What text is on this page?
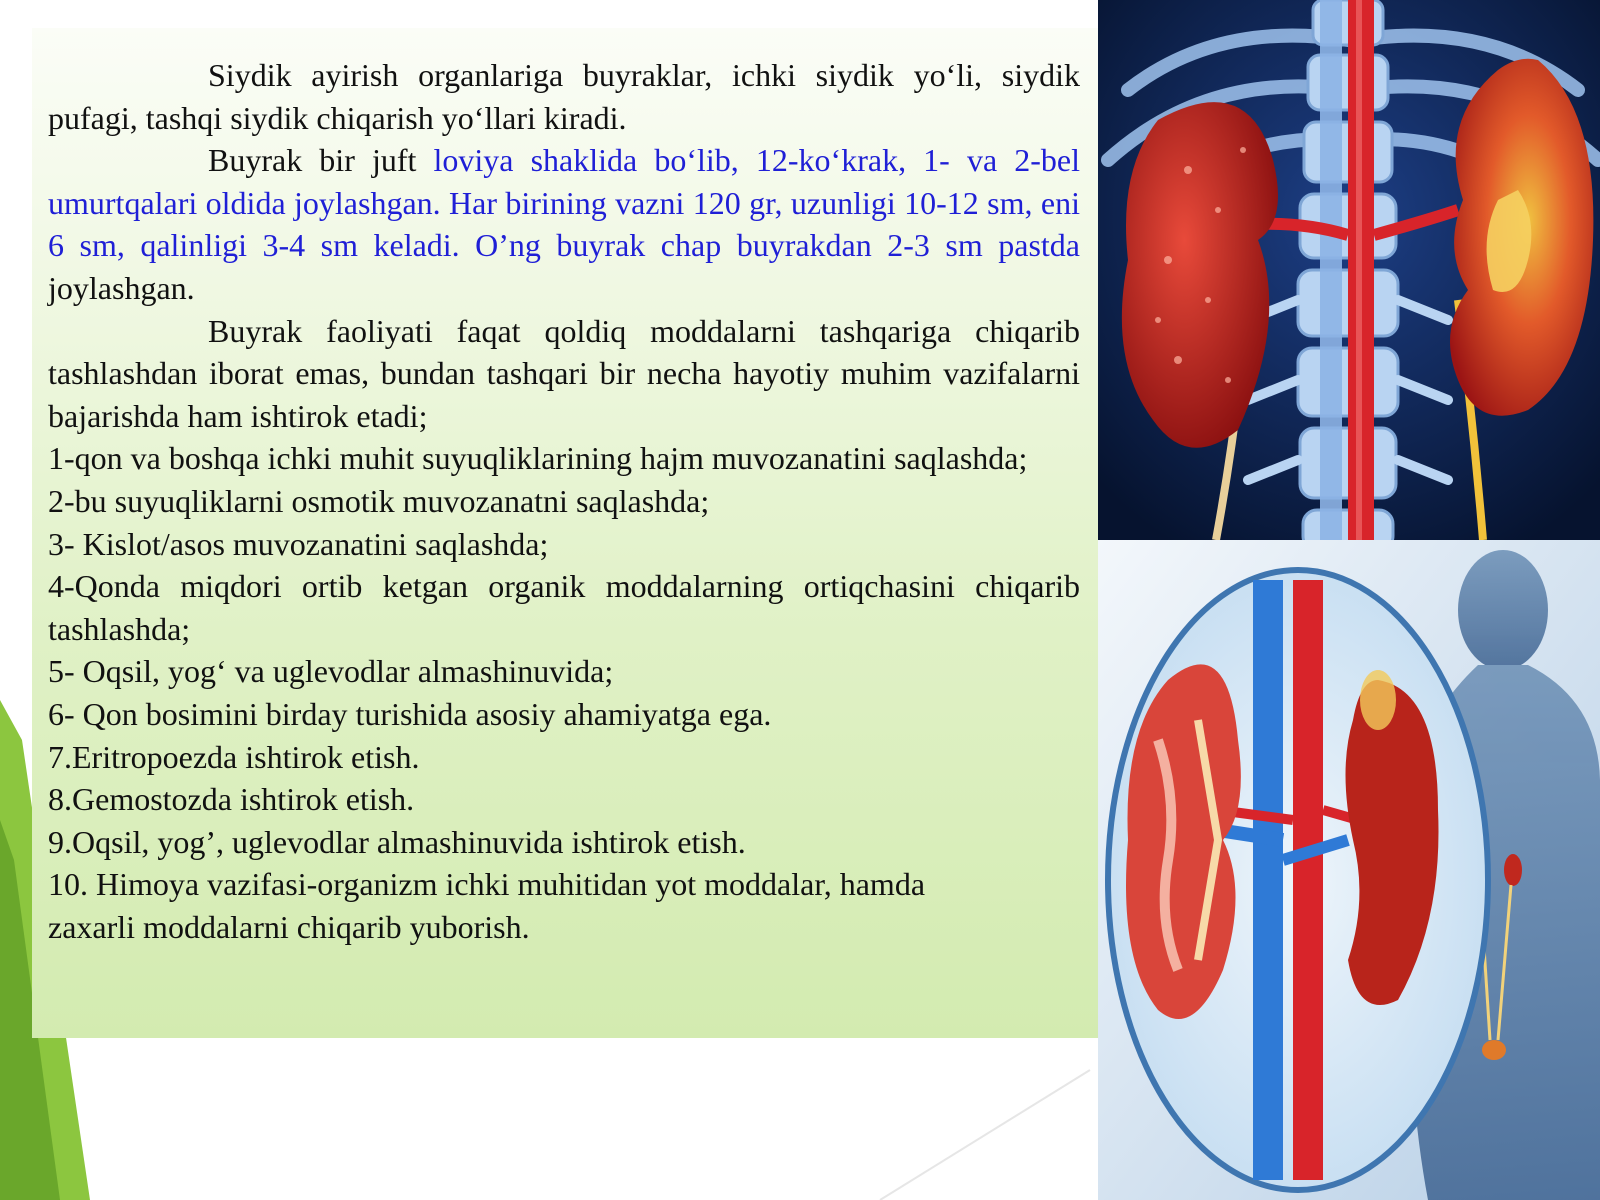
Siydik ayirish organlariga buyraklar, ichki siydik yo‘li, siydik pufagi, tashqi siydik chiqarish yo‘llari kiradi.

Buyrak bir juft loviya shaklida bo‘lib, 12-ko‘krak, 1- va 2-bel umurtqalari oldida joylashgan. Har birining vazni 120 gr, uzunligi 10-12 sm, eni 6 sm, qalinligi 3-4 sm keladi. O’ng buyrak chap buyrakdan 2-3 sm pastda joylashgan.

Buyrak faoliyati faqat qoldiq moddalarni tashqariga chiqarib tashlashdan iborat emas, bundan tashqari bir necha hayotiy muhim vazifalarni bajarishda ham ishtirok etadi;

1-qon va boshqa ichki muhit suyuqliklarining hajm muvozanatini saqlashda;

2-bu suyuqliklarni osmotik muvozanatni saqlashda;

3- Kislot/asos muvozanatini saqlashda;

4-Qonda miqdori ortib ketgan organik moddalarning ortiqchasini chiqarib tashlashda;

5- Oqsil, yog‘ va uglevodlar almashinuvida;

6- Qon bosimini birday turishida asosiy ahamiyatga ega.

7.Eritropoezda ishtirok etish.

8.Gemostozda ishtirok etish.

9.Oqsil, yog’, uglevodlar almashinuvida ishtirok etish.

10. Himoya vazifasi-organizm ichki muhitidan yot moddalar, hamda zaxarli moddalarni chiqarib yuborish.
